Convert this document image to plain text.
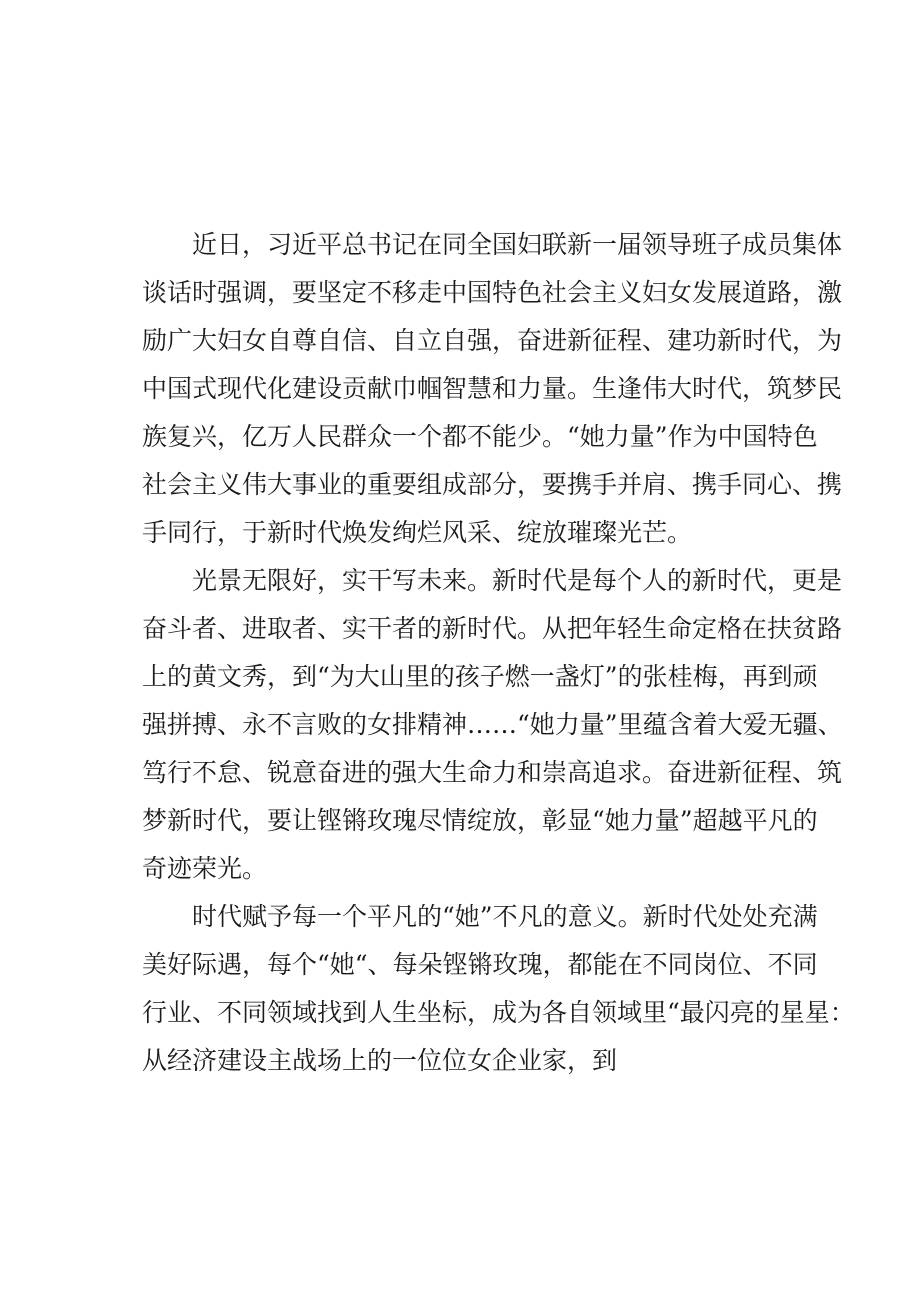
近日，习近平总书记在同全国妇联新一届领导班子成员集体
谈话时强调，要坚定不移走中国特色社会主义妇女发展道路，激
励广大妇女自尊自信、自立自强，奋进新征程、建功新时代，为
中国式现代化建设贡献巾帼智慧和力量。生逢伟大时代，筑梦民
族复兴，亿万人民群众一个都不能少。“她力量”作为中国特色
社会主义伟大事业的重要组成部分，要携手并肩、携手同心、携
手同行，于新时代焕发绚烂风采、绽放璀璨光芒。
光景无限好，实干写未来。新时代是每个人的新时代，更是
奋斗者、进取者、实干者的新时代。从把年轻生命定格在扶贫路
上的黄文秀，到“为大山里的孩子燃一盏灯”的张桂梅，再到顽
强拼搏、永不言败的女排精神……“她力量”里蕴含着大爱无疆、
笃行不怠、锐意奋进的强大生命力和崇高追求。奋进新征程、筑
梦新时代，要让铿锵玫瑰尽情绽放，彰显“她力量”超越平凡的
奇迹荣光。
时代赋予每一个平凡的“她”不凡的意义。新时代处处充满
美好际遇，每个“她“、每朵铿锵玫瑰，都能在不同岗位、不同
行业、不同领域找到人生坐标，成为各自领域里“最闪亮的星星：
从经济建设主战场上的一位位女企业家，到
